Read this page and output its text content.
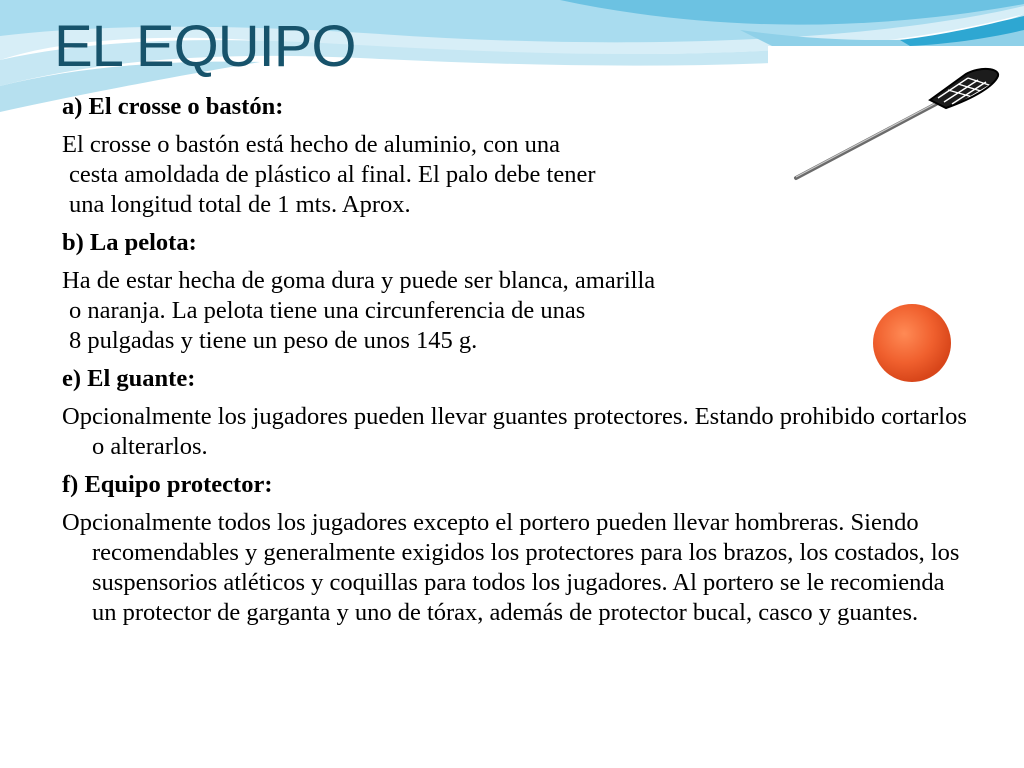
EL EQUIPO
a) El crosse o bastón:
El crosse o bastón está hecho de aluminio, con una
cesta amoldada de plástico al final. El palo debe tener
una longitud total de 1 mts. Aprox.
b) La pelota:
Ha de estar hecha de goma dura y puede ser blanca, amarilla
o naranja. La pelota tiene una circunferencia de unas
8 pulgadas y tiene un peso de unos 145 g.
e) El guante:
Opcionalmente los jugadores pueden llevar guantes protectores. Estando prohibido cortarlos o alterarlos.
f) Equipo protector:
Opcionalmente todos los jugadores excepto el portero pueden llevar hombreras. Siendo recomendables y generalmente exigidos los protectores para los brazos, los costados, los suspensorios atléticos y coquillas para todos los jugadores. Al portero se le recomienda un protector de garganta y uno de tórax, además de protector bucal, casco y guantes.
